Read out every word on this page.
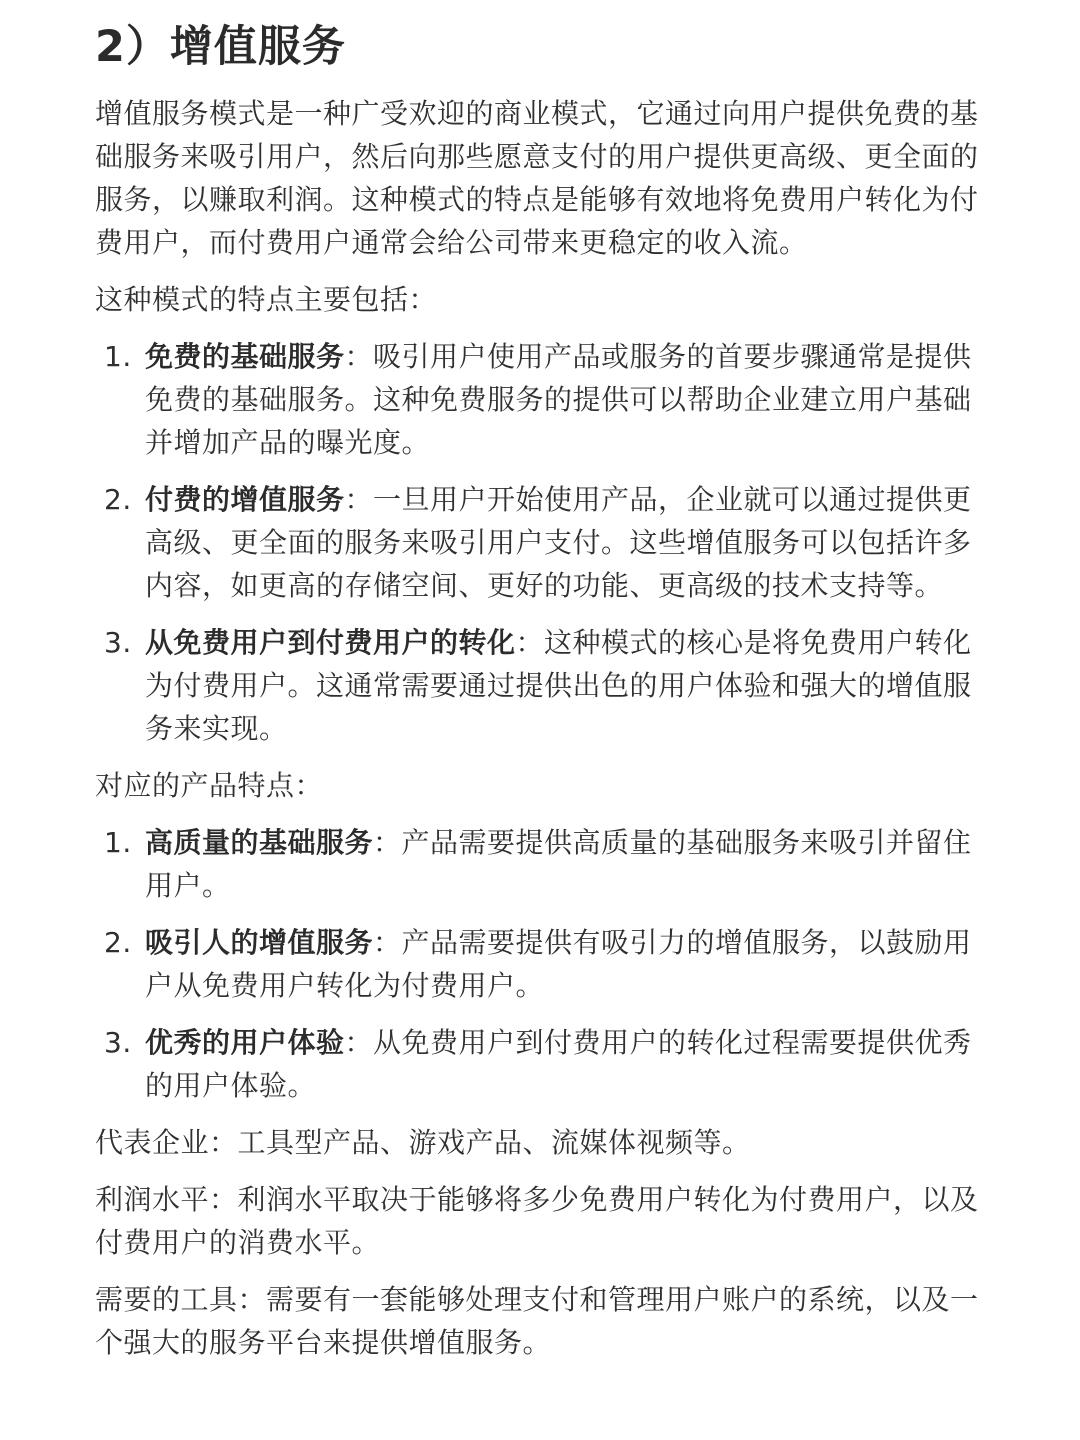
2）增值服务

增值服务模式是一种广受欢迎的商业模式，它通过向用户提供免费的基础服务来吸引用户，然后向那些愿意支付的用户提供更高级、更全面的服务，以赚取利润。这种模式的特点是能够有效地将免费用户转化为付费用户，而付费用户通常会给公司带来更稳定的收入流。

这种模式的特点主要包括：

1. 免费的基础服务：吸引用户使用产品或服务的首要步骤通常是提供免费的基础服务。这种免费服务的提供可以帮助企业建立用户基础并增加产品的曝光度。
2. 付费的增值服务：一旦用户开始使用产品，企业就可以通过提供更高级、更全面的服务来吸引用户支付。这些增值服务可以包括许多内容，如更高的存储空间、更好的功能、更高级的技术支持等。
3. 从免费用户到付费用户的转化：这种模式的核心是将免费用户转化为付费用户。这通常需要通过提供出色的用户体验和强大的增值服务来实现。

对应的产品特点：

1. 高质量的基础服务：产品需要提供高质量的基础服务来吸引并留住用户。
2. 吸引人的增值服务：产品需要提供有吸引力的增值服务，以鼓励用户从免费用户转化为付费用户。
3. 优秀的用户体验：从免费用户到付费用户的转化过程需要提供优秀的用户体验。

代表企业：工具型产品、游戏产品、流媒体视频等。

利润水平：利润水平取决于能够将多少免费用户转化为付费用户，以及付费用户的消费水平。

需要的工具：需要有一套能够处理支付和管理用户账户的系统，以及一个强大的服务平台来提供增值服务。
